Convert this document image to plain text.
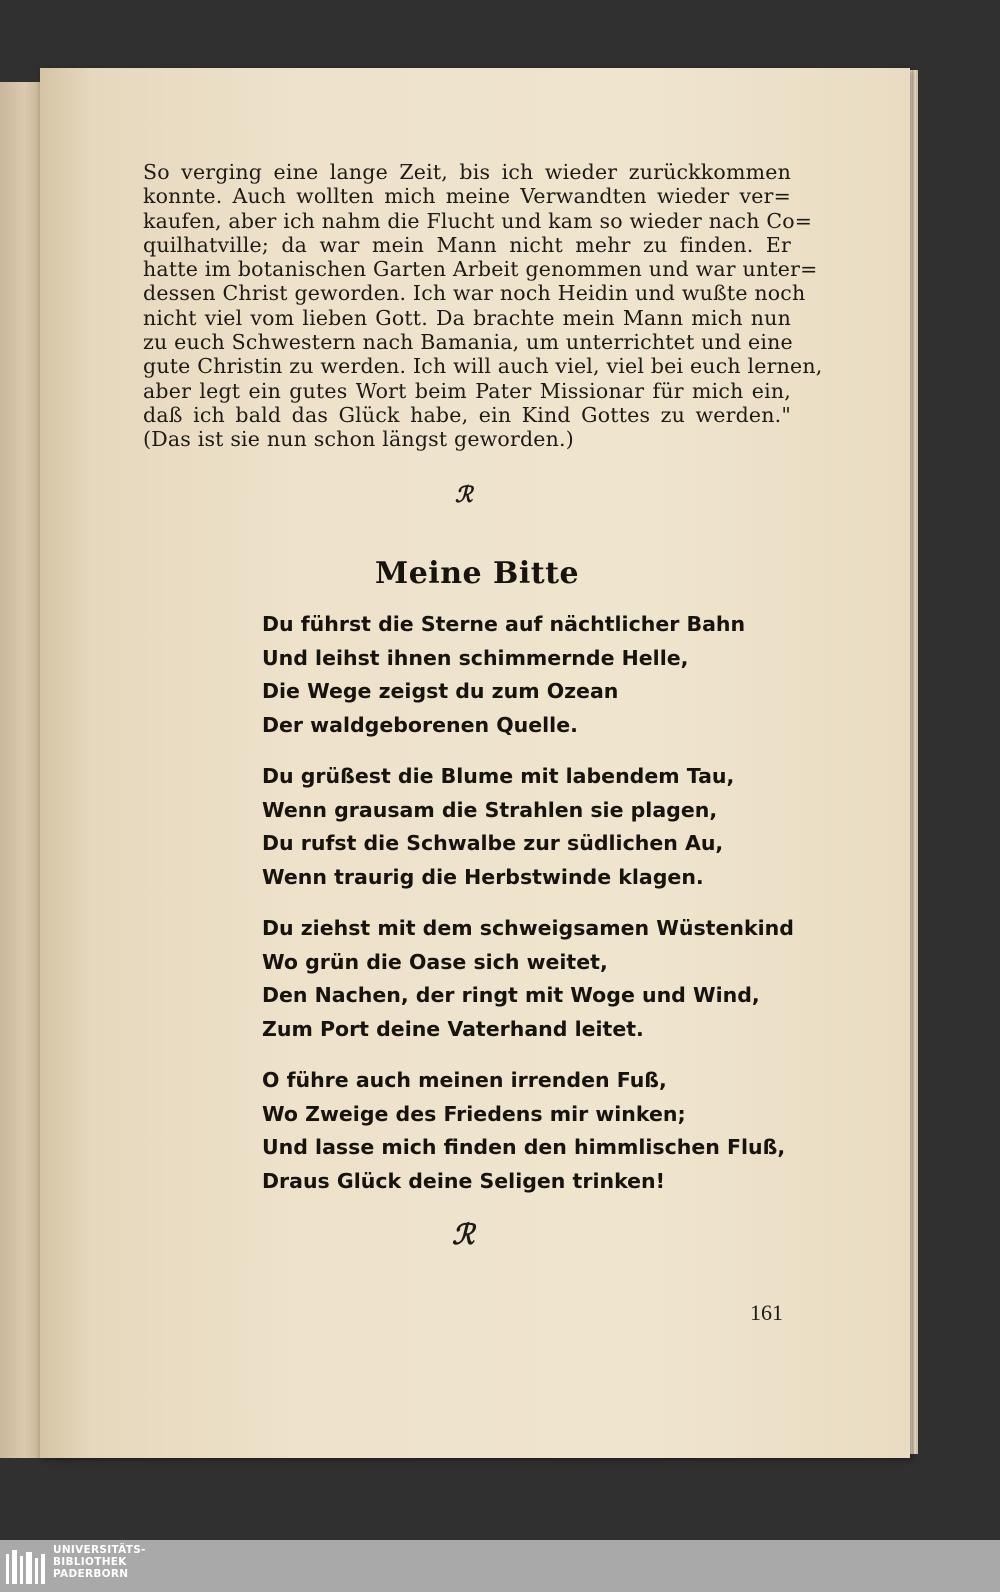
So verging eine lange Zeit, bis ich wieder zurückkommen
konnte. Auch wollten mich meine Verwandten wieder ver=
kaufen, aber ich nahm die Flucht und kam so wieder nach Co=
quilhatville; da war mein Mann nicht mehr zu finden. Er
hatte im botanischen Garten Arbeit genommen und war unter=
dessen Christ geworden. Ich war noch Heidin und wußte noch
nicht viel vom lieben Gott. Da brachte mein Mann mich nun
zu euch Schwestern nach Bamania, um unterrichtet und eine
gute Christin zu werden. Ich will auch viel, viel bei euch lernen,
aber legt ein gutes Wort beim Pater Missionar für mich ein,
daß ich bald das Glück habe, ein Kind Gottes zu werden."
(Das ist sie nun schon längst geworden.)
ℛ
Meine Bitte
Du führst die Sterne auf nächtlicher Bahn
Und leihst ihnen schimmernde Helle,
Die Wege zeigst du zum Ozean
Der waldgeborenen Quelle.
Du grüßest die Blume mit labendem Tau,
Wenn grausam die Strahlen sie plagen,
Du rufst die Schwalbe zur südlichen Au,
Wenn traurig die Herbstwinde klagen.
Du ziehst mit dem schweigsamen Wüstenkind
Wo grün die Oase sich weitet,
Den Nachen, der ringt mit Woge und Wind,
Zum Port deine Vaterhand leitet.
O führe auch meinen irrenden Fuß,
Wo Zweige des Friedens mir winken;
Und lasse mich finden den himmlischen Fluß,
Draus Glück deine Seligen trinken!
ℛ
161
UNIVERSITÄTS-
BIBLIOTHEK
PADERBORN
